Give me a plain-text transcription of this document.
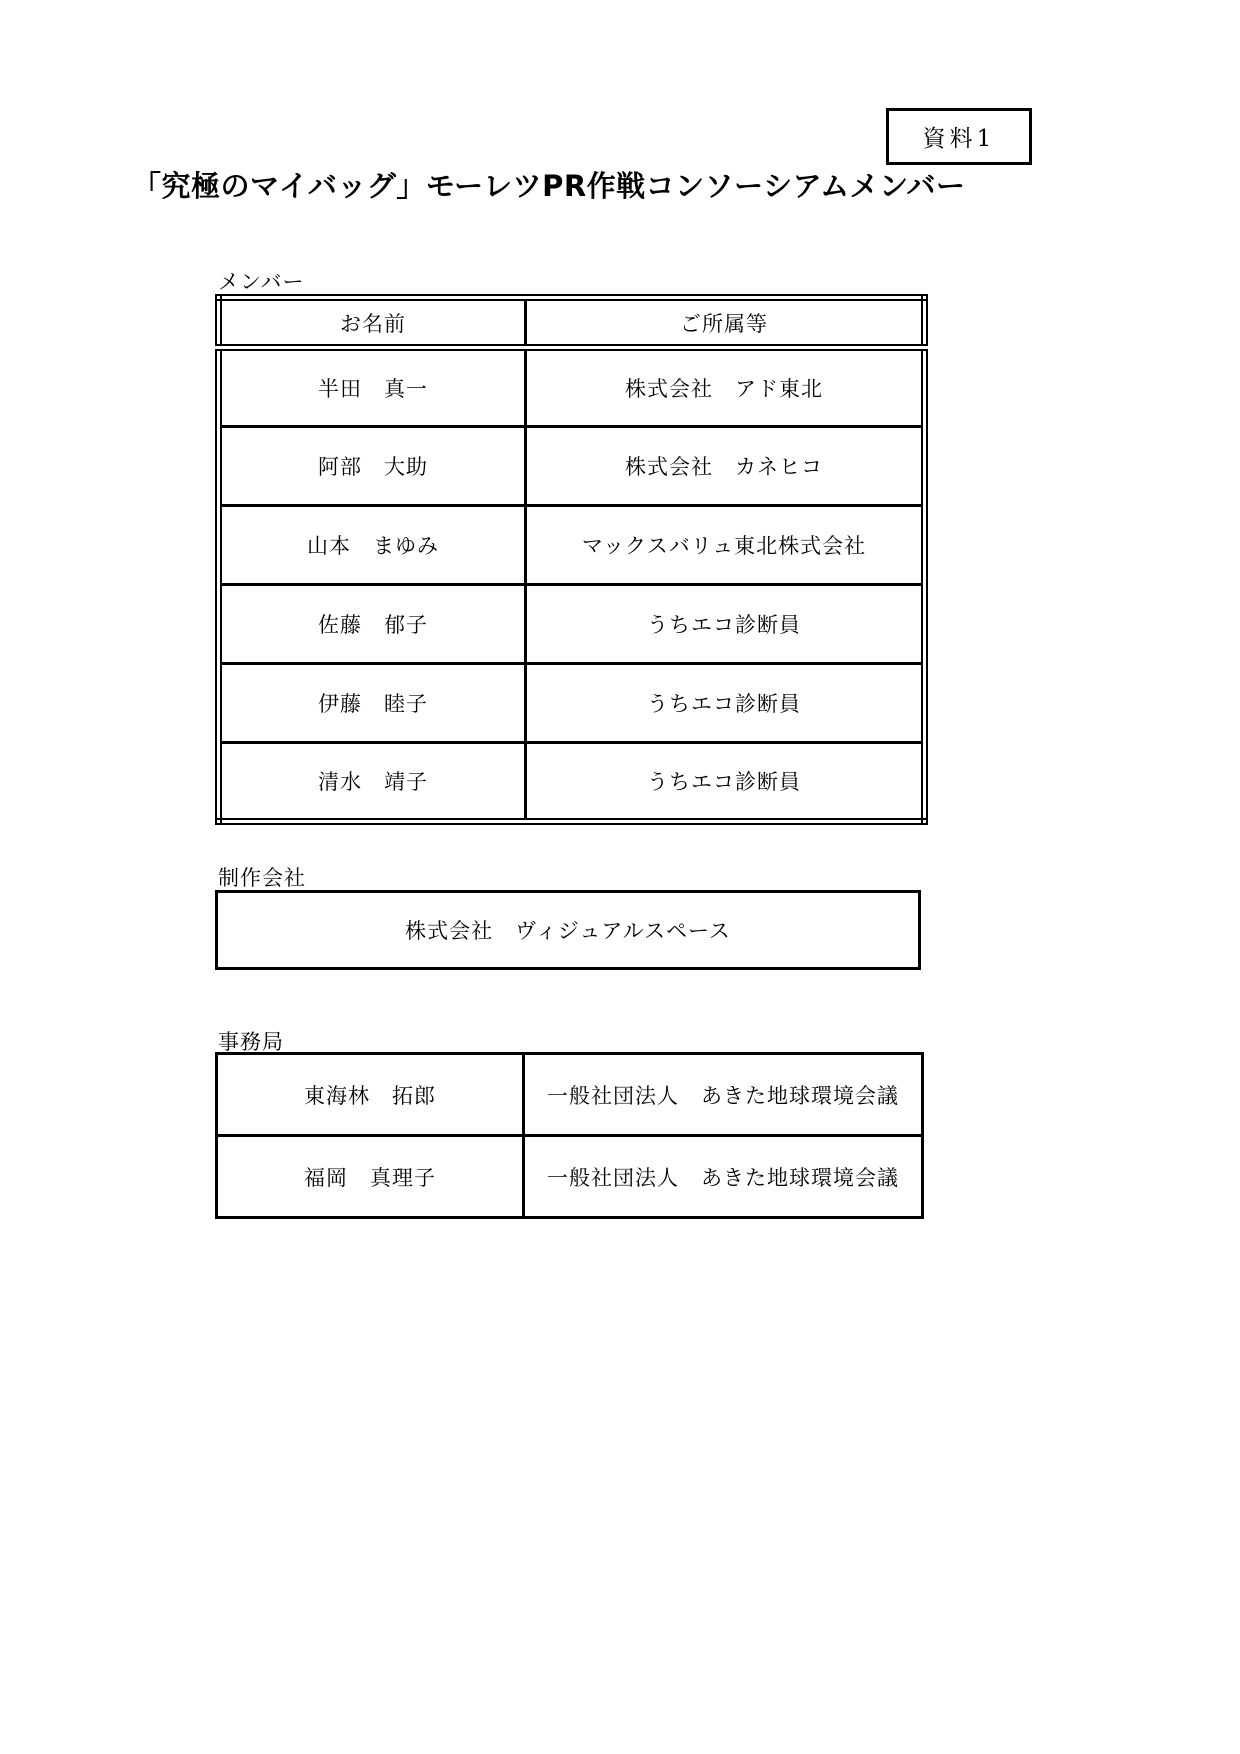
資料1
「究極のマイバッグ」モーレツPR作戦コンソーシアムメンバー
メンバー
お名前	ご所属等
半田　真一	株式会社　アド東北
阿部　大助	株式会社　カネヒコ
山本　まゆみ	マックスバリュ東北株式会社
佐藤　郁子	うちエコ診断員
伊藤　睦子	うちエコ診断員
清水　靖子	うちエコ診断員
制作会社
株式会社　ヴィジュアルスペース
事務局
東海林　拓郎	一般社団法人　あきた地球環境会議
福岡　真理子	一般社団法人　あきた地球環境会議
